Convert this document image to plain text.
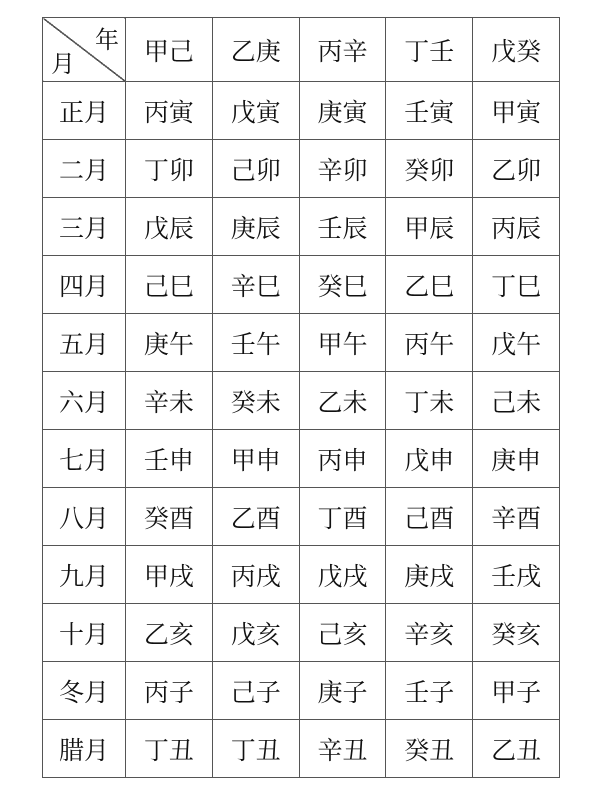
年
月	甲己	乙庚	丙辛	丁壬	戊癸
正月	丙寅	戊寅	庚寅	壬寅	甲寅
二月	丁卯	己卯	辛卯	癸卯	乙卯
三月	戊辰	庚辰	壬辰	甲辰	丙辰
四月	己巳	辛巳	癸巳	乙巳	丁巳
五月	庚午	壬午	甲午	丙午	戊午
六月	辛未	癸未	乙未	丁未	己未
七月	壬申	甲申	丙申	戊申	庚申
八月	癸酉	乙酉	丁酉	己酉	辛酉
九月	甲戌	丙戌	戊戌	庚戌	壬戌
十月	乙亥	戊亥	己亥	辛亥	癸亥
冬月	丙子	己子	庚子	壬子	甲子
腊月	丁丑	丁丑	辛丑	癸丑	乙丑
